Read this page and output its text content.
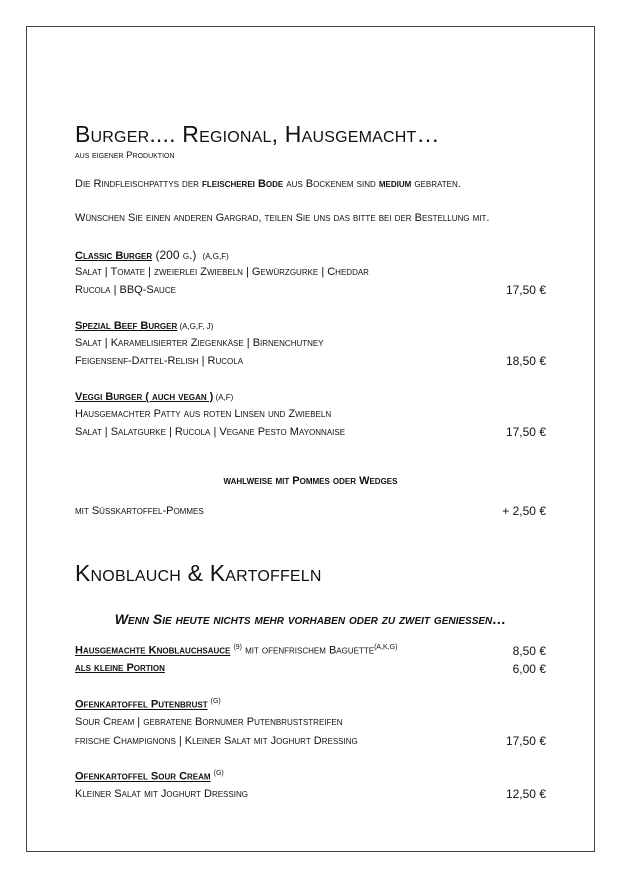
Burger.... Regional, Hausgemacht…
aus eigener Produktion
Die Rindfleischpattys der fleischerei Bode aus Bockenem sind medium gebraten.
Wünschen Sie einen anderen Gargrad, teilen Sie uns das bitte bei der Bestellung mit.
Classic Burger (200 g.) (A,G,F)
Salat | Tomate | zweierlei Zwiebeln | Gewürzgurke | Cheddar
Rucola | BBQ-Sauce	17,50 €
Spezial Beef Burger (A,G,F, J)
Salat | Karamelisierter Ziegenkäse | Birnenchutney
Feigensenf-Dattel-Relish | Rucola	18,50 €
Veggi Burger ( auch vegan ) (A,F)
Hausgemachter Patty aus roten Linsen und Zwiebeln
Salat | Salatgurke | Rucola | Vegane Pesto Mayonnaise	17,50 €
wahlweise mit Pommes oder Wedges
mit Süßkartoffel-Pommes	+ 2,50 €
Knoblauch & Kartoffeln
Wenn Sie heute nichts mehr vorhaben oder zu zweit genießen…
Hausgemachte Knoblauchsauce $^{(9)}$ mit ofenfrischem Baguette$^{(A,K,G)}$	8,50 €
als kleine Portion	6,00 €
Ofenkartoffel Putenbrust $^{(G)}$
Sour Cream | gebratene Bornumer Putenbruststreifen
frische Champignons | Kleiner Salat mit Joghurt Dressing	17,50 €
Ofenkartoffel Sour Cream $^{(G)}$
Kleiner Salat mit Joghurt Dressing	12,50 €
